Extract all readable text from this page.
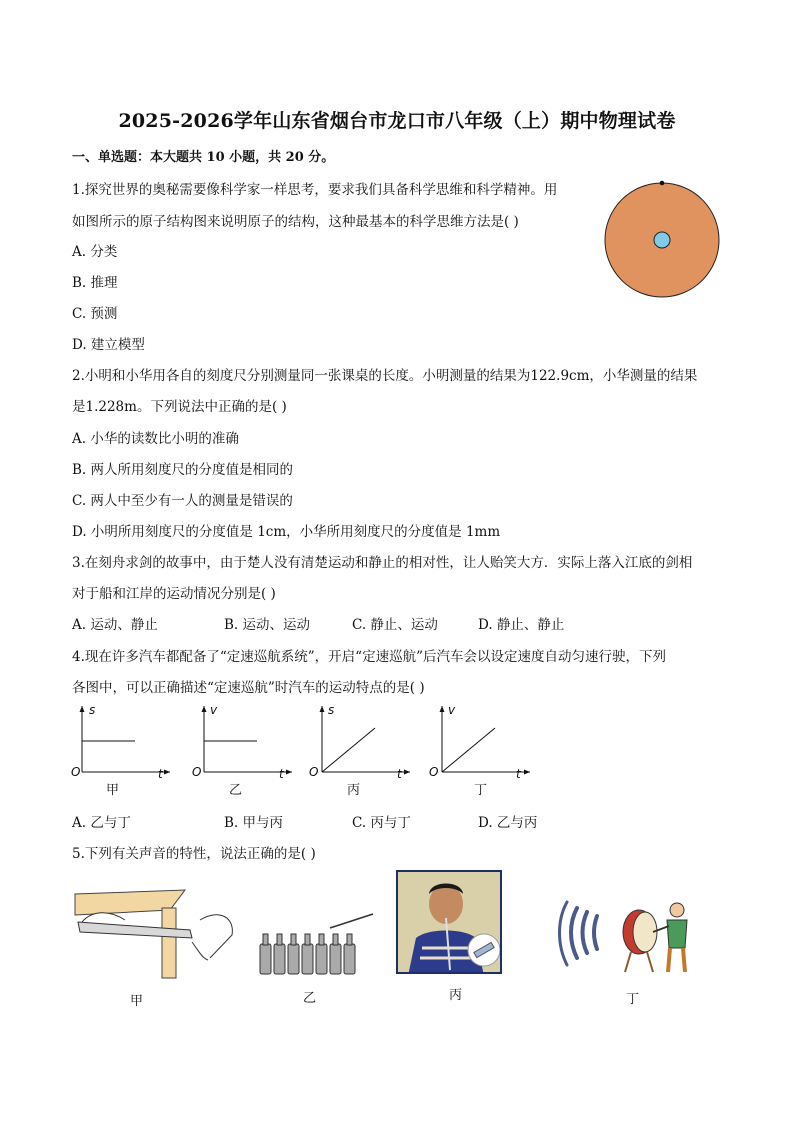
2025-2026学年山东省烟台市龙口市八年级（上）期中物理试卷
一、单选题：本大题共 10 小题，共 20 分。
1.探究世界的奥秘需要像科学家一样思考，要求我们具备科学思维和科学精神。用
如图所示的原子结构图来说明原子的结构，这种最基本的科学思维方法是( )
A. 分类
B. 推理
C. 预测
D. 建立模型
2.小明和小华用各自的刻度尺分别测量同一张课桌的长度。小明测量的结果为122.9cm，小华测量的结果
是1.228m。下列说法中正确的是( )
A. 小华的读数比小明的准确
B. 两人所用刻度尺的分度值是相同的
C. 两人中至少有一人的测量是错误的
D. 小明所用刻度尺的分度值是 1cm，小华所用刻度尺的分度值是 1mm
3.在刻舟求剑的故事中，由于楚人没有清楚运动和静止的相对性，让人贻笑大方．实际上落入江底的剑相
对于船和江岸的运动情况分别是( )
A. 运动、静止	B. 运动、运动	C. 静止、运动	D. 静止、静止
4.现在许多汽车都配备了“定速巡航系统”，开启“定速巡航”后汽车会以设定速度自动匀速行驶，下列
各图中，可以正确描述“定速巡航”时汽车的运动特点的是( )
s
t
O
甲
v
t
O
乙
s
t
O
丙
v
t
O
丁
A. 乙与丁	B. 甲与丙	C. 丙与丁	D. 乙与丙
5.下列有关声音的特性，说法正确的是( )
甲	乙	丙	丁
